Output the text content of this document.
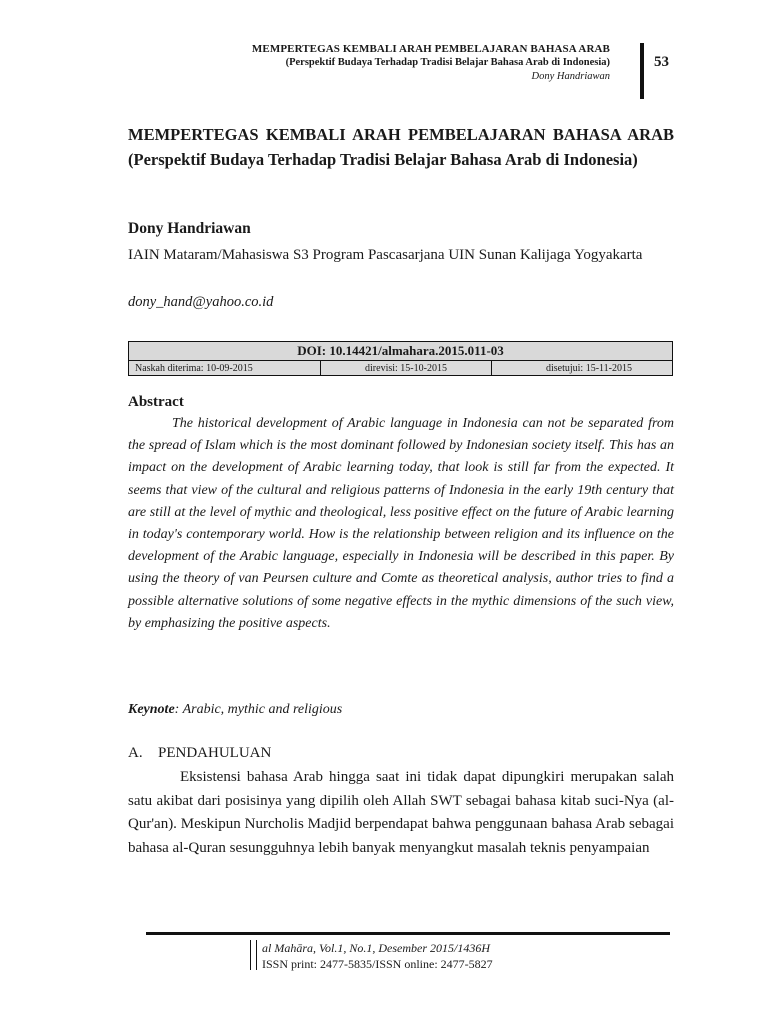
MEMPERTEGAS KEMBALI ARAH PEMBELAJARAN BAHASA ARAB
(Perspektif Budaya Terhadap Tradisi Belajar Bahasa Arab di Indonesia)
Dony Handriawan
53
MEMPERTEGAS KEMBALI ARAH PEMBELAJARAN BAHASA ARAB (Perspektif Budaya Terhadap Tradisi Belajar Bahasa Arab di Indonesia)
Dony Handriawan
IAIN Mataram/Mahasiswa S3 Program Pascasarjana UIN Sunan Kalijaga Yogyakarta
dony_hand@yahoo.co.id
DOI: 10.14421/almahara.2015.011-03
Naskah diterima: 10-09-2015	direvisi: 15-10-2015	disetujui: 15-11-2015
Abstract

The historical development of Arabic language in Indonesia can not be separated from the spread of Islam which is the most dominant followed by Indonesian society itself. This has an impact on the development of Arabic learning today, that look is still far from the expected. It seems that view of the cultural and religious patterns of Indonesia in the early 19th century that are still at the level of mythic and theological, less positive effect on the future of Arabic learning in today's contemporary world. How is the relationship between religion and its influence on the development of the Arabic language, especially in Indonesia will be described in this paper. By using the theory of van Peursen culture and Comte as theoretical analysis, author tries to find a possible alternative solutions of some negative effects in the mythic dimensions of the such view, by emphasizing the positive aspects.

Keynote: Arabic, mythic and religious
A. PENDAHULUAN

Eksistensi bahasa Arab hingga saat ini tidak dapat dipungkiri merupakan salah satu akibat dari posisinya yang dipilih oleh Allah SWT sebagai bahasa kitab suci-Nya (al-Qur'an). Meskipun Nurcholis Madjid berpendapat bahwa penggunaan bahasa Arab sebagai bahasa al-Quran sesungguhnya lebih banyak menyangkut masalah teknis penyampaian

al Mahāra, Vol.1, No.1, Desember 2015/1436H
ISSN print: 2477-5835/ISSN online: 2477-5827
